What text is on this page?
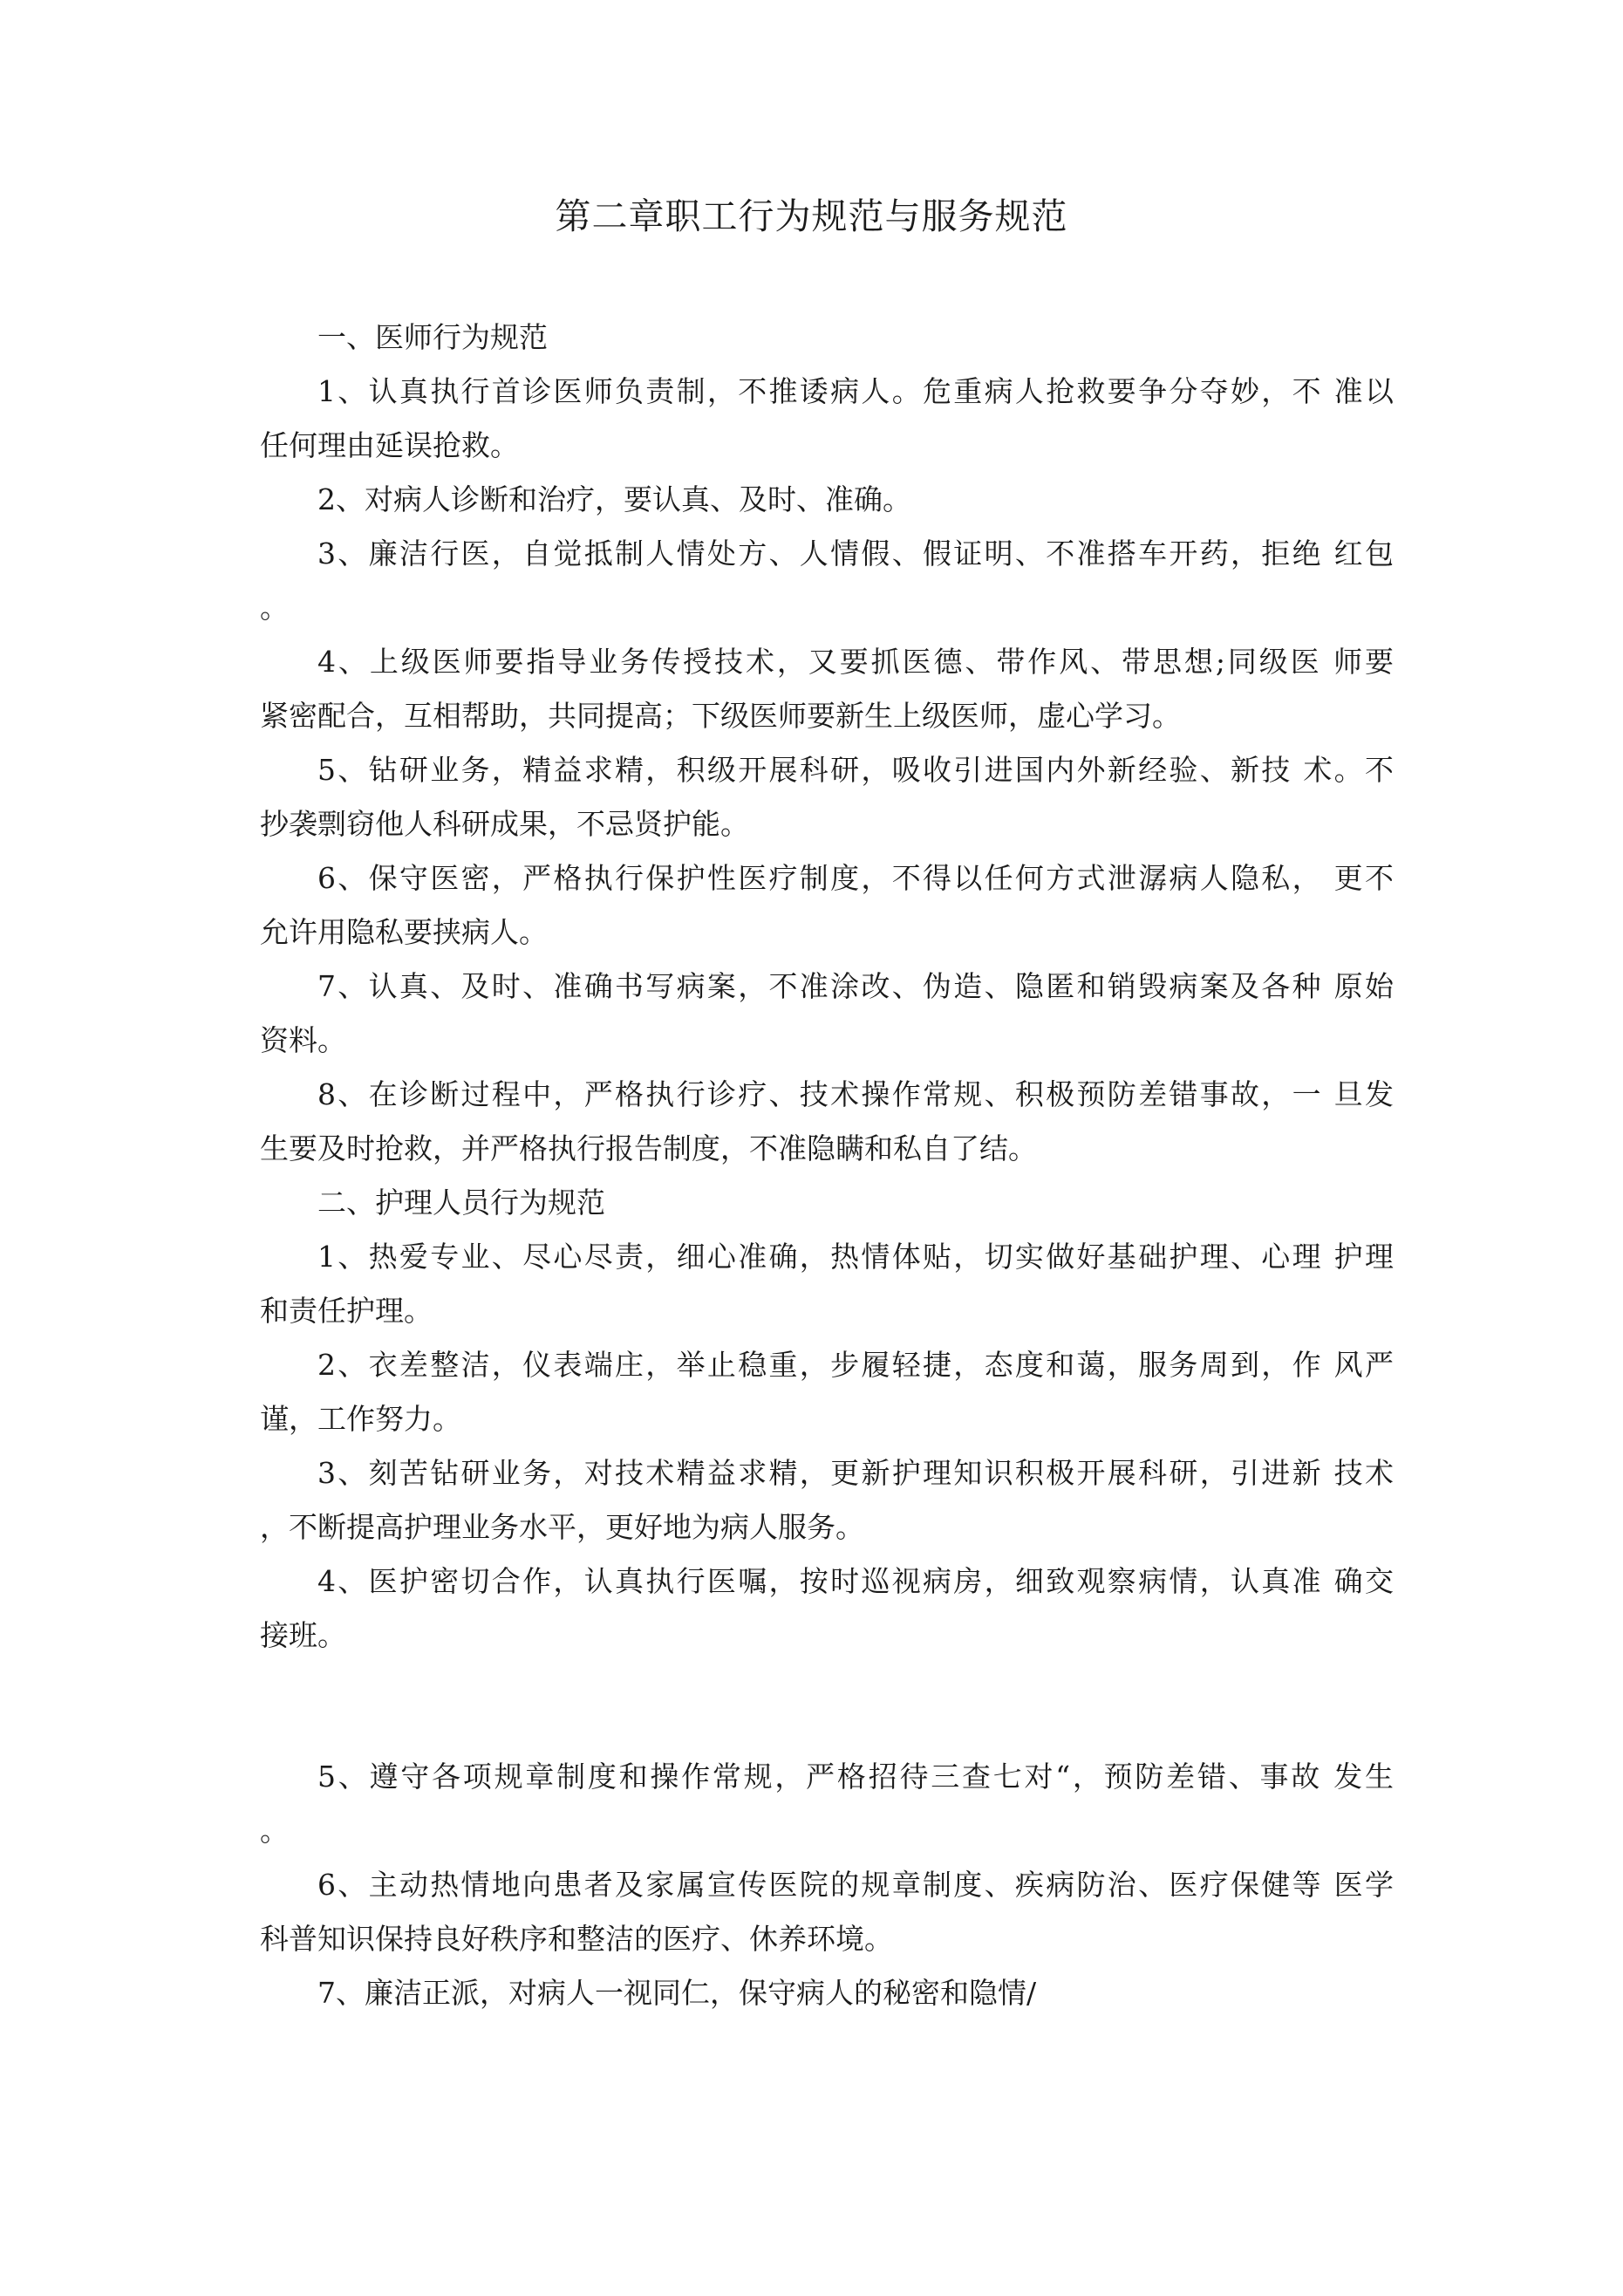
第二章职工行为规范与服务规范

一、医师行为规范

1、认真执行首诊医师负责制，不推诿病人。危重病人抢救要争分夺妙，不 准以
任何理由延误抢救。

2、对病人诊断和治疗，要认真、及时、准确。

3、廉洁行医，自觉抵制人情处方、人情假、假证明、不准搭车开药，拒绝 红包
。

4、上级医师要指导业务传授技术，又要抓医德、带作风、带思想;同级医 师要
紧密配合，互相帮助，共同提高；下级医师要新生上级医师，虚心学习。

5、钻研业务，精益求精，积级开展科研，吸收引进国内外新经验、新技 术。不
抄袭剽窃他人科研成果，不忌贤护能。

6、保守医密，严格执行保护性医疗制度，不得以任何方式泄潺病人隐私， 更不
允许用隐私要挟病人。

7、认真、及时、准确书写病案，不准涂改、伪造、隐匿和销毁病案及各种 原始
资料。

8、在诊断过程中，严格执行诊疗、技术操作常规、积极预防差错事故，一 旦发
生要及时抢救，并严格执行报告制度，不准隐瞒和私自了结。

二、护理人员行为规范

1、热爱专业、尽心尽责，细心准确，热情体贴，切实做好基础护理、心理 护理
和责任护理。

2、衣差整洁，仪表端庄，举止稳重，步履轻捷，态度和蔼，服务周到，作 风严
谨，工作努力。

3、刻苦钻研业务，对技术精益求精，更新护理知识积极开展科研，引进新 技术
，不断提高护理业务水平，更好地为病人服务。

4、医护密切合作，认真执行医嘱，按时巡视病房，细致观察病情，认真准 确交
接班。

5、遵守各项规章制度和操作常规，严格招待三查七对“，预防差错、事故 发生
。

6、主动热情地向患者及家属宣传医院的规章制度、疾病防治、医疗保健等 医学
科普知识保持良好秩序和整洁的医疗、休养环境。

7、廉洁正派，对病人一视同仁，保守病人的秘密和隐情/
